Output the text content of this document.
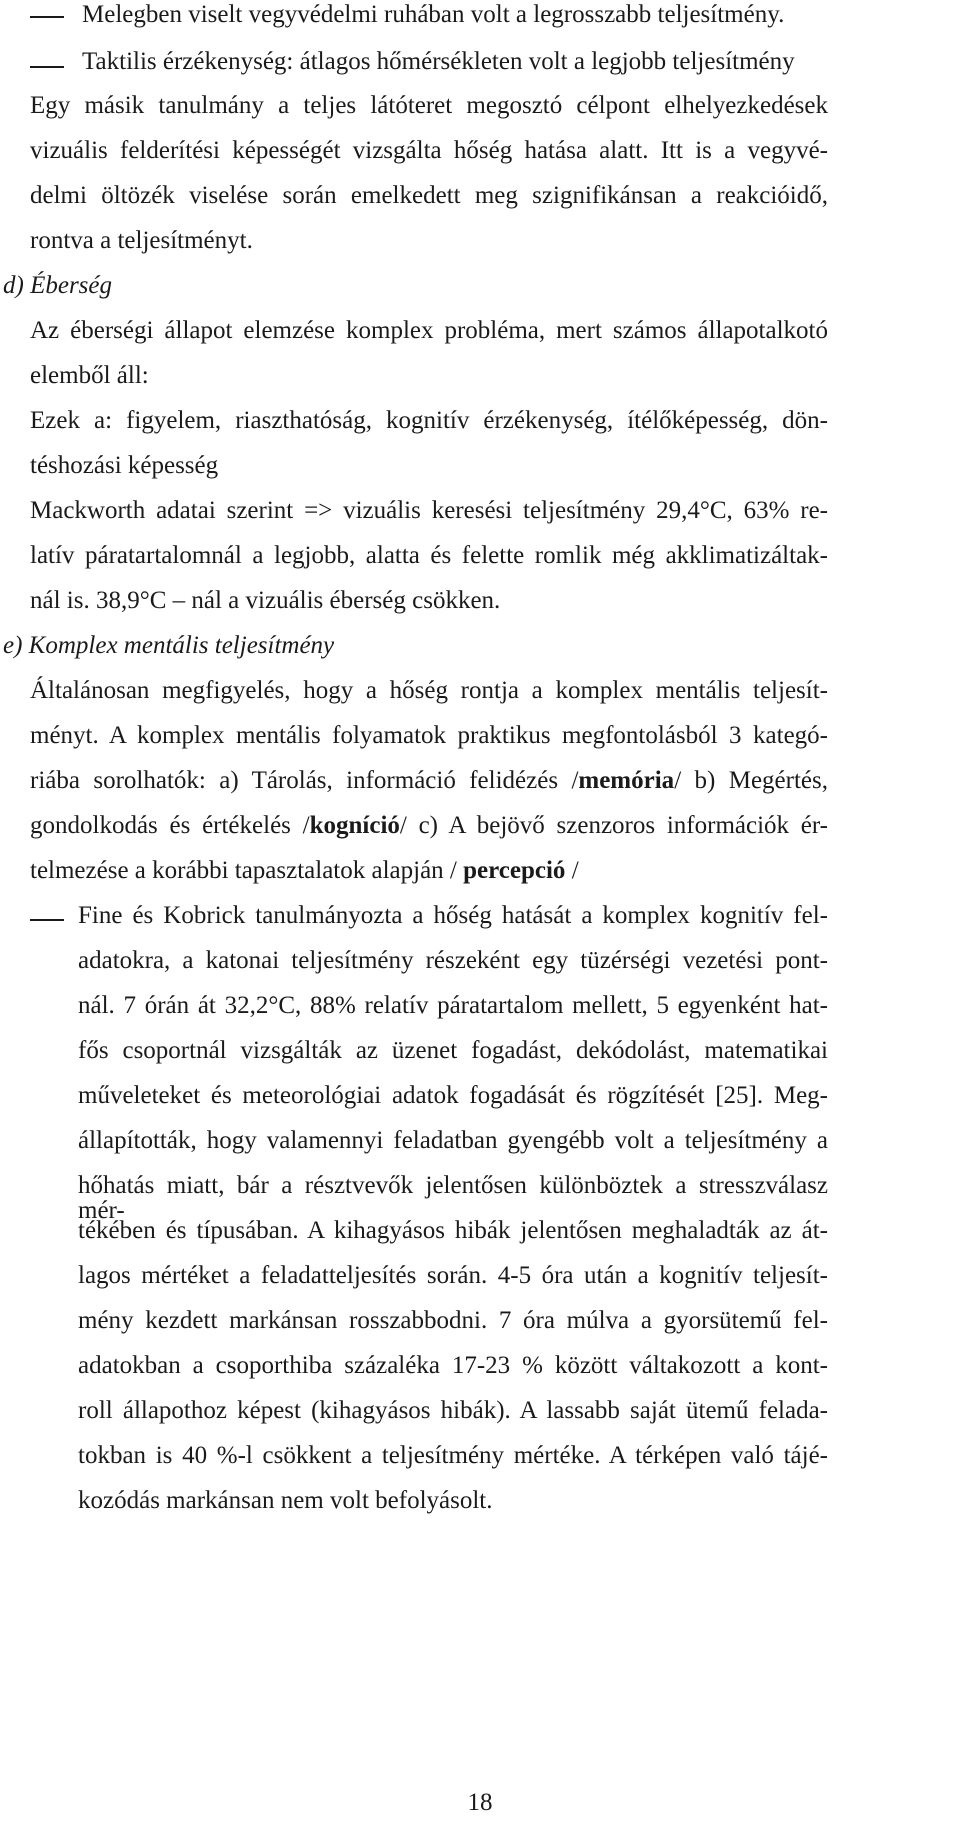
Melegben viselt vegyvédelmi ruhában volt a legrosszabb teljesítmény.
Taktilis érzékenység: átlagos hőmérsékleten volt a legjobb teljesítmény
Egy másik tanulmány a teljes látóteret megosztó célpont elhelyezkedések
vizuális felderítési képességét vizsgálta hőség hatása alatt. Itt is a vegyvé-
delmi öltözék viselése során emelkedett meg szignifikánsan a reakcióidő,
rontva a teljesítményt.
d) Éberség
Az éberségi állapot elemzése komplex probléma, mert számos állapotalkotó
elemből áll:
Ezek a: figyelem, riaszthatóság, kognitív érzékenység, ítélőképesség, dön-
téshozási képesség
Mackworth adatai szerint => vizuális keresési teljesítmény 29,4°C, 63% re-
latív páratartalomnál a legjobb, alatta és felette romlik még akklimatizáltak-
nál is. 38,9°C – nál a vizuális éberség csökken.
e) Komplex mentális teljesítmény
Általánosan megfigyelés, hogy a hőség rontja a komplex mentális teljesít-
ményt. A komplex mentális folyamatok praktikus megfontolásból 3 kategó-
riába sorolhatók: a) Tárolás, információ felidézés /memória/ b) Megértés,
gondolkodás és értékelés /kogníció/ c) A bejövő szenzoros információk ér-
telmezése a korábbi tapasztalatok alapján / percepció /
Fine és Kobrick tanulmányozta a hőség hatását a komplex kognitív fel-
adatokra, a katonai teljesítmény részeként egy tüzérségi vezetési pont-
nál. 7 órán át 32,2°C, 88% relatív páratartalom mellett, 5 egyenként hat-
fős csoportnál vizsgálták az üzenet fogadást, dekódolást, matematikai
műveleteket és meteorológiai adatok fogadását és rögzítését [25]. Meg-
állapították, hogy valamennyi feladatban gyengébb volt a teljesítmény a
hőhatás miatt, bár a résztvevők jelentősen különböztek a stresszválasz mér-
tékében és típusában. A kihagyásos hibák jelentősen meghaladták az át-
lagos mértéket a feladatteljesítés során. 4-5 óra után a kognitív teljesít-
mény kezdett markánsan rosszabbodni. 7 óra múlva a gyorsütemű fel-
adatokban a csoporthiba százaléka 17-23 % között váltakozott a kont-
roll állapothoz képest (kihagyásos hibák). A lassabb saját ütemű felada-
tokban is 40 %-l csökkent a teljesítmény mértéke. A térképen való tájé-
kozódás markánsan nem volt befolyásolt.
18
